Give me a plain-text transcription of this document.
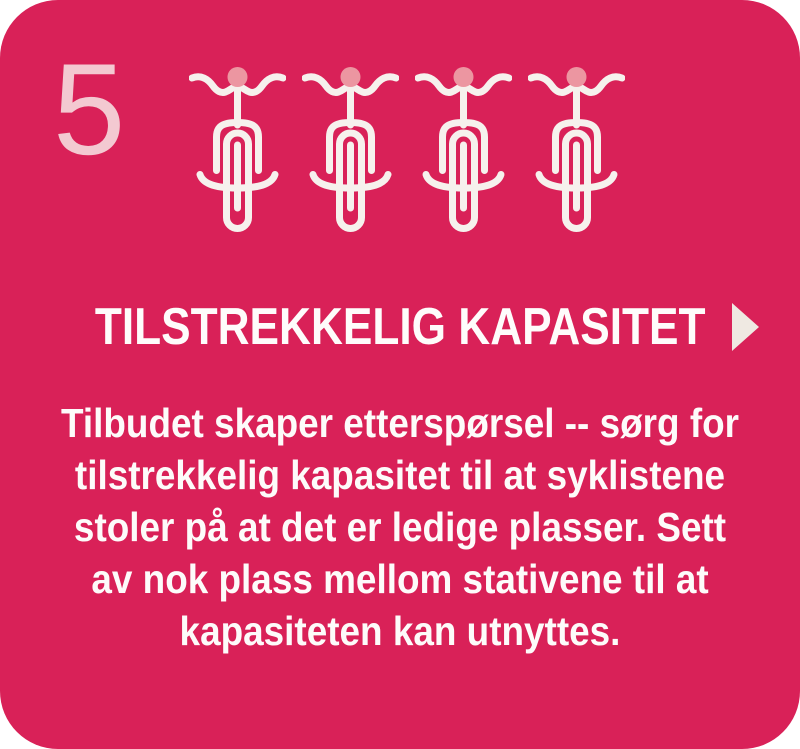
5
TILSTREKKELIG KAPASITET
Tilbudet skaper etterspørsel -- sørg for
tilstrekkelig kapasitet til at syklistene
stoler på at det er ledige plasser. Sett
av nok plass mellom stativene til at
kapasiteten kan utnyttes.
